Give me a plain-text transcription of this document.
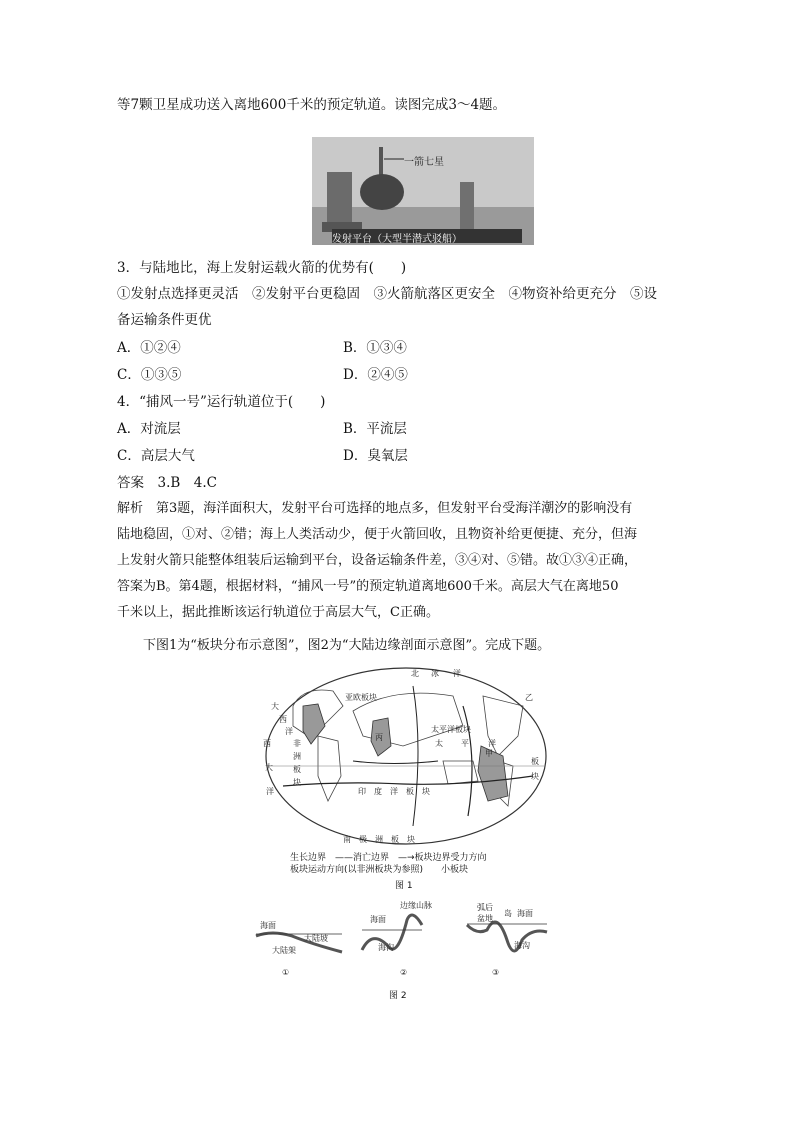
等7颗卫星成功送入离地600千米的预定轨道。读图完成3～4题。
一箭七星
发射平台（大型半潜式驳船）
3．与陆地比，海上发射运载火箭的优势有(　　)
①发射点选择更灵活　②发射平台更稳固　③火箭航落区更安全　④物资补给更充分　⑤设
备运输条件更优
A．①②④	B．①③④
C．①③⑤	D．②④⑤
4．“捕风一号”运行轨道位于(　　)
A．对流层	B．平流层
C．高层大气	D．臭氧层
答案　3.B　4.C
解析　第3题，海洋面积大，发射平台可选择的地点多，但发射平台受海洋潮汐的影响没有
陆地稳固，①对、②错；海上人类活动少，便于火箭回收，且物资补给更便捷、充分，但海
上发射火箭只能整体组装后运输到平台，设备运输条件差，③④对、⑤错。故①③④正确，
答案为B。第4题，根据材料，“捕风一号”的预定轨道离地600千米。高层大气在离地50
千米以上，据此推断该运行轨道位于高层大气，C正确。
下图1为“板块分布示意图”，图2为“大陆边缘剖面示意图”。完成下题。
北 冰 洋
亚欧板块
大
西
洋
非
洲
板
块
丙
太平洋板块
太 平 洋
乙
板
块
甲
印　度　洋　板　块
南　极　洲　板　块
西
洋
大
生长边界　——消亡边界　—→板块边界受力方向
板块运动方向(以非洲板块为参照)　　小板块
图 1
海面
大陆坡
大陆架
①
边缘山脉
海面
海沟
②
弧后
盆地
岛 海面
海沟
③
图 2
